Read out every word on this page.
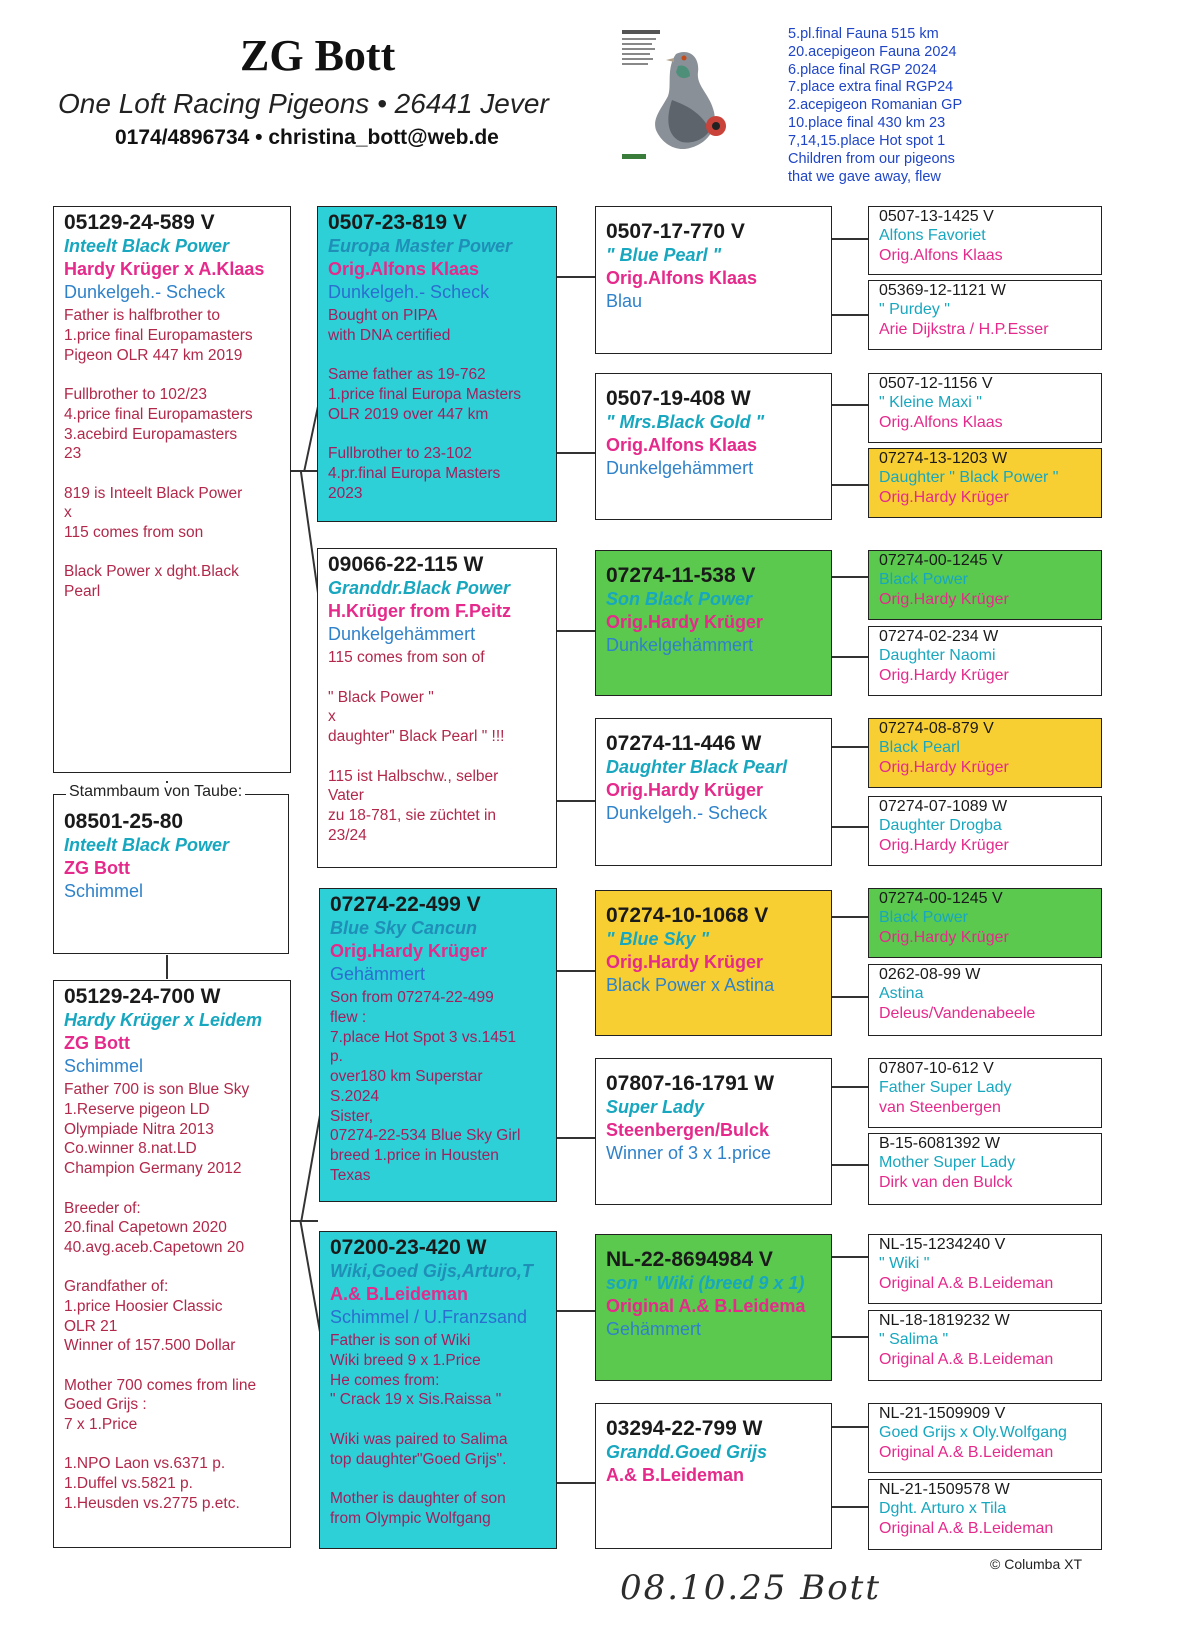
ZG Bott
One Loft Racing Pigeons • 26441 Jever
0174/4896734 • christina_bott@web.de
5.pl.final Fauna 515 km
20.acepigeon Fauna 2024
6.place final RGP 2024
7.place extra final RGP24
2.acepigeon Romanian GP
10.place final 430 km 23
7,14,15.place Hot spot 1
Children from our pigeons
that we gave away, flew
05129-24-589 V
Inteelt Black Power
Hardy Krüger x A.Klaas
Dunkelgeh.- Scheck
Father is halfbrother to
1.price final Europamasters
Pigeon OLR 447 km 2019

Fullbrother to 102/23
4.price final Europamasters
3.acebird Europamasters
23

819 is Inteelt Black Power
x
115 comes from son

Black Power x dght.Black
Pearl
08501-25-80
Inteelt Black Power
ZG Bott
Schimmel
Stammbaum von Taube:
05129-24-700 W
Hardy Krüger x Leidem
ZG Bott
Schimmel
Father 700 is son Blue Sky
1.Reserve pigeon LD
Olympiade Nitra 2013
Co.winner 8.nat.LD
Champion Germany 2012

Breeder of:
20.final Capetown 2020
40.avg.aceb.Capetown 20

Grandfather of:
1.price Hoosier Classic
OLR 21
Winner of 157.500 Dollar

Mother 700 comes from line
Goed Grijs :
7 x 1.Price

1.NPO Laon vs.6371 p.
1.Duffel vs.5821 p.
1.Heusden vs.2775 p.etc.
0507-23-819 V
Europa Master Power
Orig.Alfons Klaas
Dunkelgeh.- Scheck
Bought on PIPA
with DNA certified

Same father as 19-762
1.price final Europa Masters
OLR 2019 over 447 km

Fullbrother to 23-102
4.pr.final Europa Masters
2023
09066-22-115 W
Granddr.Black Power
H.Krüger from F.Peitz
Dunkelgehämmert
115 comes from son of

" Black Power "
x
daughter" Black Pearl " !!!

115 ist Halbschw., selber
Vater
zu 18-781, sie züchtet in
23/24
07274-22-499 V
Blue Sky Cancun
Orig.Hardy Krüger
Gehämmert
Son from 07274-22-499
flew :
7.place Hot Spot 3 vs.1451
p.
over180 km Superstar
S.2024
Sister,
07274-22-534 Blue Sky Girl
breed 1.price in Housten
Texas
07200-23-420 W
Wiki,Goed Gijs,Arturo,T
A.& B.Leideman
Schimmel / U.Franzsand
Father is son of Wiki
Wiki breed 9 x 1.Price
He comes from:
" Crack 19 x Sis.Raissa "

Wiki was paired to Salima
top daughter"Goed Grijs".

Mother is daughter of son
from Olympic Wolfgang
0507-17-770 V
" Blue Pearl "
Orig.Alfons Klaas
Blau
0507-19-408 W
" Mrs.Black Gold "
Orig.Alfons Klaas
Dunkelgehämmert
07274-11-538 V
Son Black Power
Orig.Hardy Krüger
Dunkelgehämmert
07274-11-446 W
Daughter Black Pearl
Orig.Hardy Krüger
Dunkelgeh.- Scheck
07274-10-1068 V
" Blue Sky "
Orig.Hardy Krüger
Black Power x Astina
07807-16-1791 W
Super Lady
Steenbergen/Bulck
Winner of 3 x 1.price
NL-22-8694984 V
son " Wiki (breed 9 x 1)
Original A.& B.Leidema
Gehämmert
03294-22-799 W
Grandd.Goed Grijs
A.& B.Leideman
0507-13-1425 V
Alfons Favoriet
Orig.Alfons Klaas
05369-12-1121 W
" Purdey "
Arie Dijkstra / H.P.Esser
0507-12-1156 V
" Kleine Maxi "
Orig.Alfons Klaas
07274-13-1203 W
Daughter " Black Power "
Orig.Hardy Krüger
07274-00-1245 V
Black Power
Orig.Hardy Krüger
07274-02-234 W
Daughter Naomi
Orig.Hardy Krüger
07274-08-879 V
Black Pearl
Orig.Hardy Krüger
07274-07-1089 W
Daughter Drogba
Orig.Hardy Krüger
07274-00-1245 V
Black Power
Orig.Hardy Krüger
0262-08-99 W
Astina
Deleus/Vandenabeele
07807-10-612 V
Father Super Lady
van Steenbergen
B-15-6081392 W
Mother Super Lady
Dirk van den Bulck
NL-15-1234240 V
" Wiki "
Original A.& B.Leideman
NL-18-1819232 W
" Salima "
Original A.& B.Leideman
NL-21-1509909 V
Goed Grijs x Oly.Wolfgang
Original A.& B.Leideman
NL-21-1509578 W
Dght. Arturo x Tila
Original A.& B.Leideman
© Columba XT
08.10.25 Bott
